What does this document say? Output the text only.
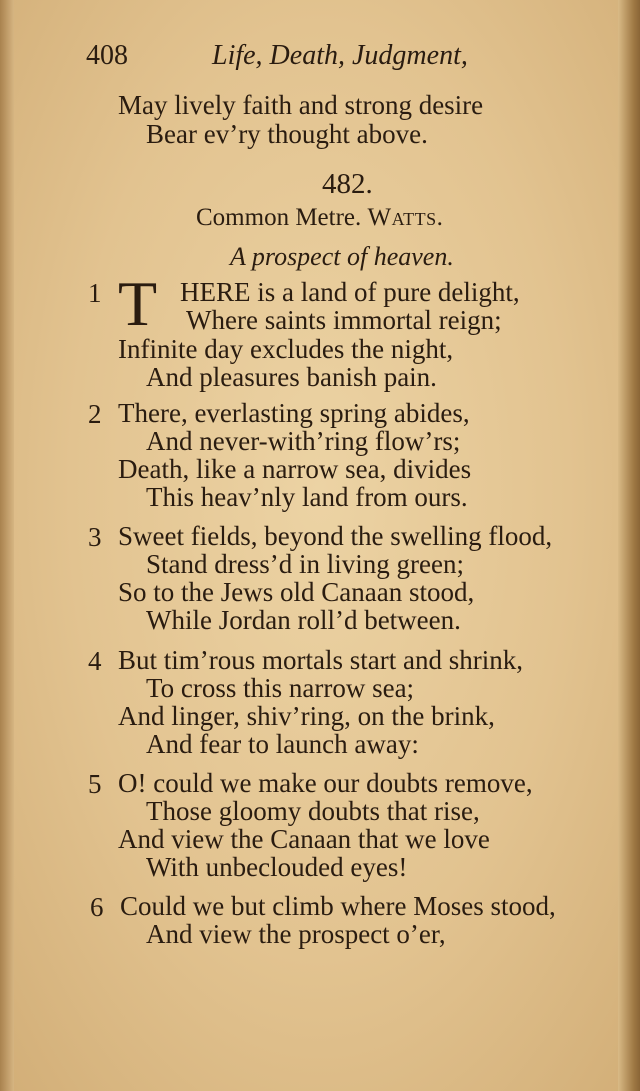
408	Life, Death, Judgment,
May lively faith and strong desire
Bear ev’ry thought above.
482.
Common Metre. Watts.
A prospect of heaven.
1 T HERE is a land of pure delight,
Where saints immortal reign;
Infinite day excludes the night,
And pleasures banish pain.
2 There, everlasting spring abides,
And never-with’ring flow’rs;
Death, like a narrow sea, divides
This heav’nly land from ours.
3 Sweet fields, beyond the swelling flood,
Stand dress’d in living green;
So to the Jews old Canaan stood,
While Jordan roll’d between.
4 But tim’rous mortals start and shrink,
To cross this narrow sea;
And linger, shiv’ring, on the brink,
And fear to launch away:
5 O! could we make our doubts remove,
Those gloomy doubts that rise,
And view the Canaan that we love
With unbeclouded eyes!
6 Could we but climb where Moses stood,
And view the prospect o’er,
